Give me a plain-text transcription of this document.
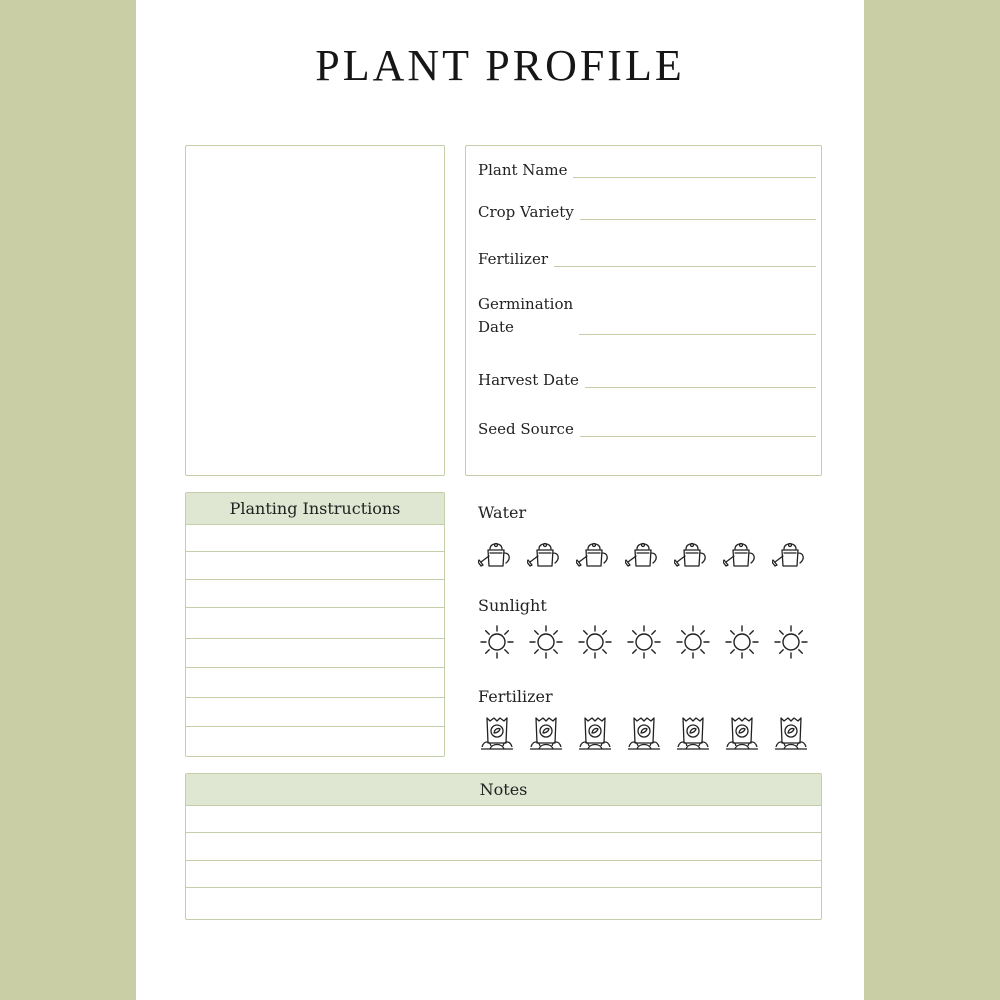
PLANT PROFILE
Plant Name
Crop Variety
Fertilizer
Germination
Date
Harvest Date
Seed Source
Planting Instructions	Water
Sunlight
Fertilizer
Notes
